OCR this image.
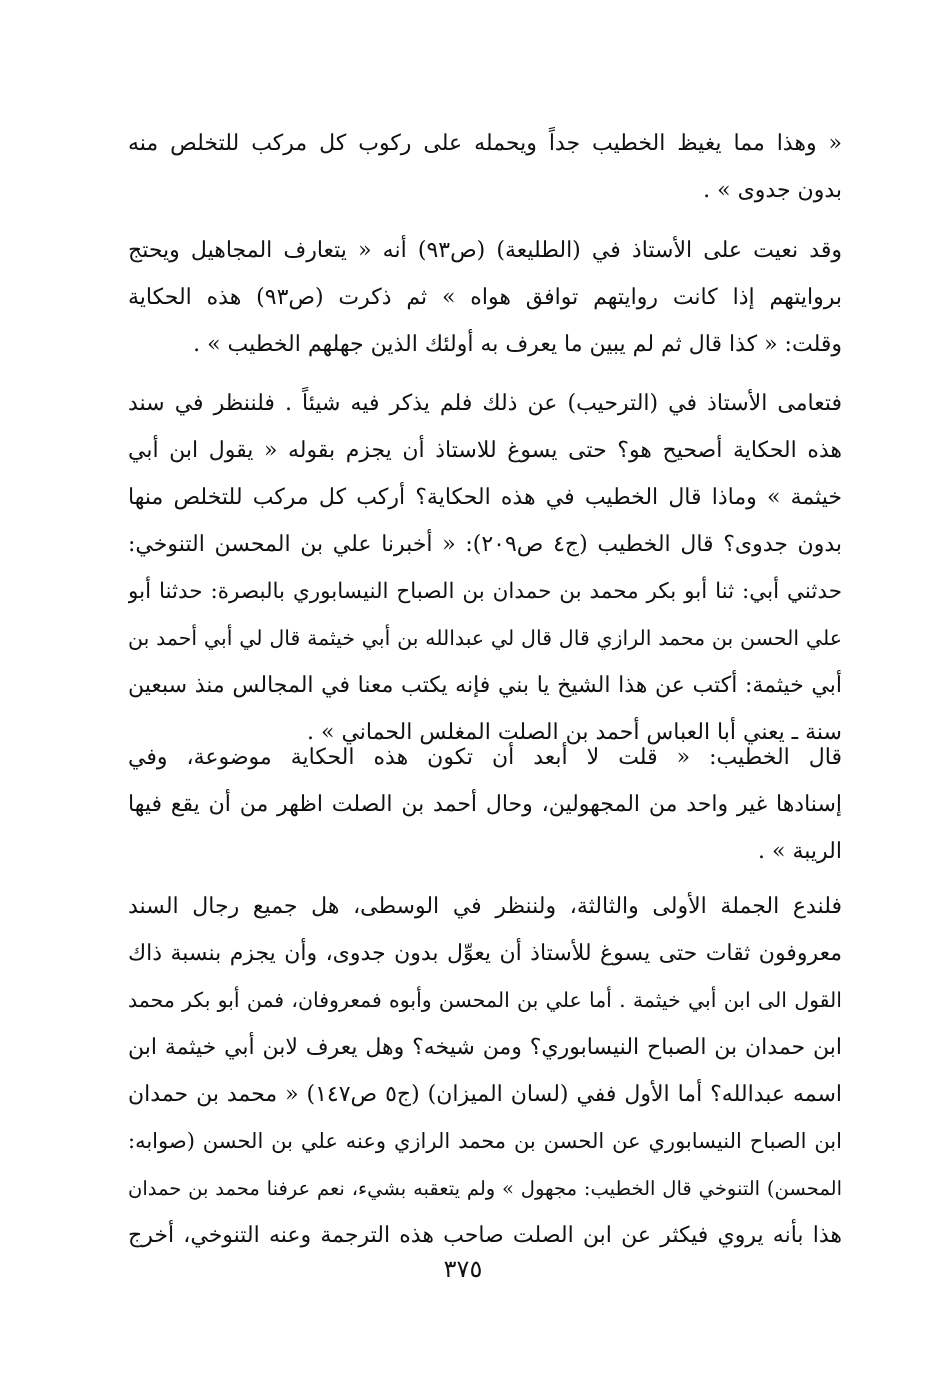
« وهذا مما يغيظ الخطيب جداً ويحمله على ركوب كل مركب للتخلص منه
بدون جدوى » .
وقد نعيت على الأستاذ في (الطليعة) (ص٩٣) أنه « يتعارف المجاهيل ويحتج
بروايتهم إذا كانت روايتهم توافق هواه » ثم ذكرت (ص٩٣) هذه الحكاية
وقلت: « كذا قال ثم لم يبين ما يعرف به أولئك الذين جهلهم الخطيب » .
فتعامى الأستاذ في (الترحيب) عن ذلك فلم يذكر فيه شيئاً . فلننظر في سند
هذه الحكاية أصحيح هو؟ حتى يسوغ للاستاذ أن يجزم بقوله « يقول ابن أبي
خيثمة » وماذا قال الخطيب في هذه الحكاية؟ أركب كل مركب للتخلص منها
بدون جدوى؟ قال الخطيب (ج٤ ص٢٠٩): « أخبرنا علي بن المحسن التنوخي:
حدثني أبي: ثنا أبو بكر محمد بن حمدان بن الصباح النيسابوري بالبصرة: حدثنا أبو
علي الحسن بن محمد الرازي قال قال لي عبدالله بن أبي خيثمة قال لي أبي أحمد بن
أبي خيثمة: أكتب عن هذا الشيخ يا بني فإنه يكتب معنا في المجالس منذ سبعين
سنة ـ يعني أبا العباس أحمد بن الصلت المغلس الحماني » .
قال الخطيب: « قلت لا أبعد أن تكون هذه الحكاية موضوعة، وفي
إسنادها غير واحد من المجهولين، وحال أحمد بن الصلت اظهر من أن يقع فيها
الريبة » .
فلندع الجملة الأولى والثالثة، ولننظر في الوسطى، هل جميع رجال السند
معروفون ثقات حتى يسوغ للأستاذ أن يعوِّل بدون جدوى، وأن يجزم بنسبة ذاك
القول الى ابن أبي خيثمة . أما علي بن المحسن وأبوه فمعروفان، فمن أبو بكر محمد
ابن حمدان بن الصباح النيسابوري؟ ومن شيخه؟ وهل يعرف لابن أبي خيثمة ابن
اسمه عبدالله؟ أما الأول ففي (لسان الميزان) (ج٥ ص١٤٧) « محمد بن حمدان
ابن الصباح النيسابوري عن الحسن بن محمد الرازي وعنه علي بن الحسن (صوابه:
المحسن) التنوخي قال الخطيب: مجهول » ولم يتعقبه بشيء، نعم عرفنا محمد بن حمدان
هذا بأنه يروي فيكثر عن ابن الصلت صاحب هذه الترجمة وعنه التنوخي، أخرج
٣٧٥
